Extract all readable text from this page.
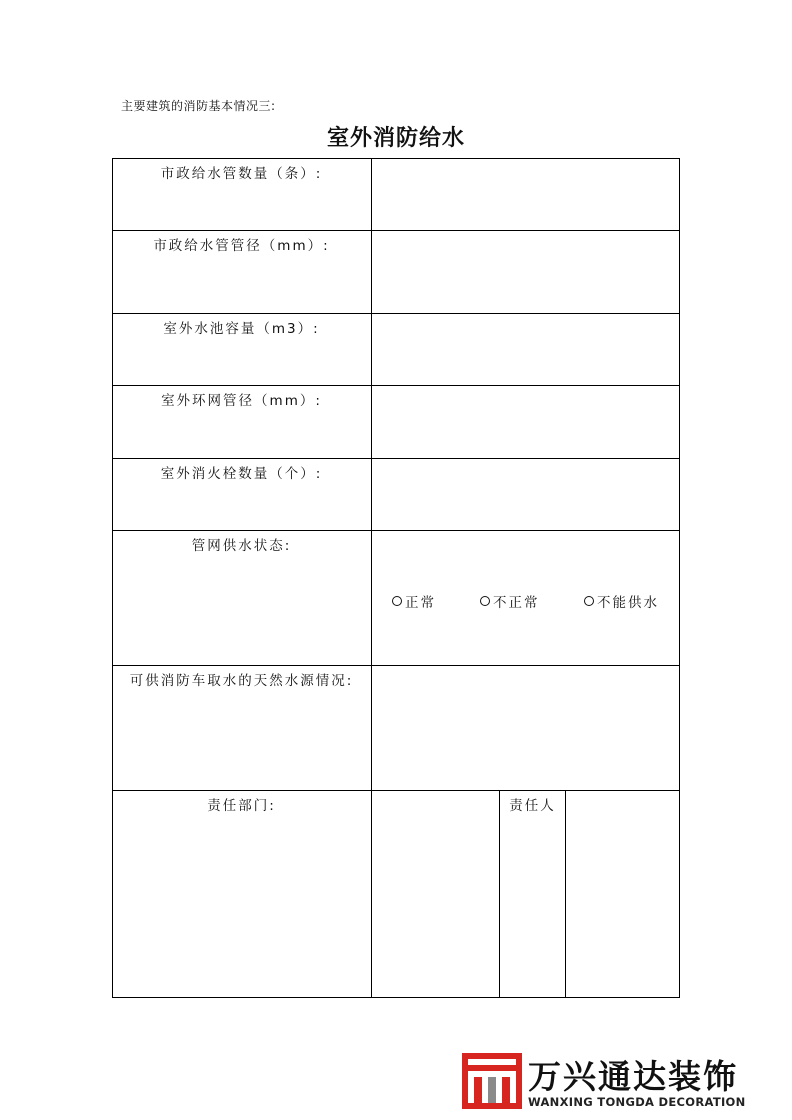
主要建筑的消防基本情况三:
室外消防给水
市政给水管数量（条）:
市政给水管管径（mm）:
室外水池容量（m3）:
室外环网管径（mm）:
室外消火栓数量（个）:
管网供水状态:
可供消防车取水的天然水源情况:
责任部门:
正常	不正常	不能供水
责任人
万兴通达装饰
WANXING TONGDA DECORATION
